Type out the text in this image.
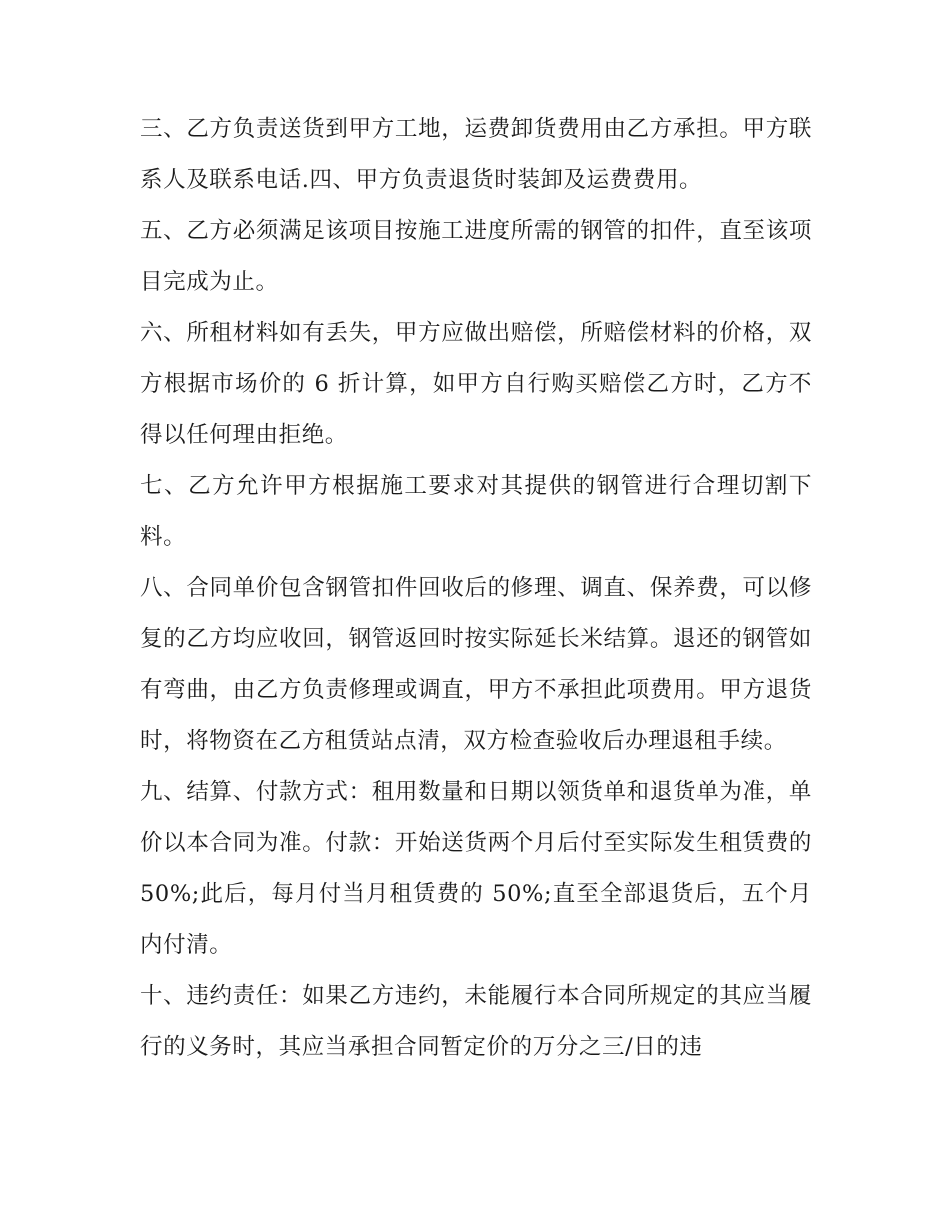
三、乙方负责送货到甲方工地，运费卸货费用由乙方承担。甲方联系人及联系电话.四、甲方负责退货时装卸及运费费用。

五、乙方必须满足该项目按施工进度所需的钢管的扣件，直至该项目完成为止。

六、所租材料如有丢失，甲方应做出赔偿，所赔偿材料的价格，双方根据市场价的 6 折计算，如甲方自行购买赔偿乙方时，乙方不得以任何理由拒绝。

七、乙方允许甲方根据施工要求对其提供的钢管进行合理切割下料。

八、合同单价包含钢管扣件回收后的修理、调直、保养费，可以修复的乙方均应收回，钢管返回时按实际延长米结算。退还的钢管如有弯曲，由乙方负责修理或调直，甲方不承担此项费用。甲方退货时，将物资在乙方租赁站点清，双方检查验收后办理退租手续。

九、结算、付款方式：租用数量和日期以领货单和退货单为准，单价以本合同为准。付款：开始送货两个月后付至实际发生租赁费的 50%;此后，每月付当月租赁费的 50%;直至全部退货后，五个月内付清。

十、违约责任：如果乙方违约，未能履行本合同所规定的其应当履行的义务时，其应当承担合同暂定价的万分之三/日的违
